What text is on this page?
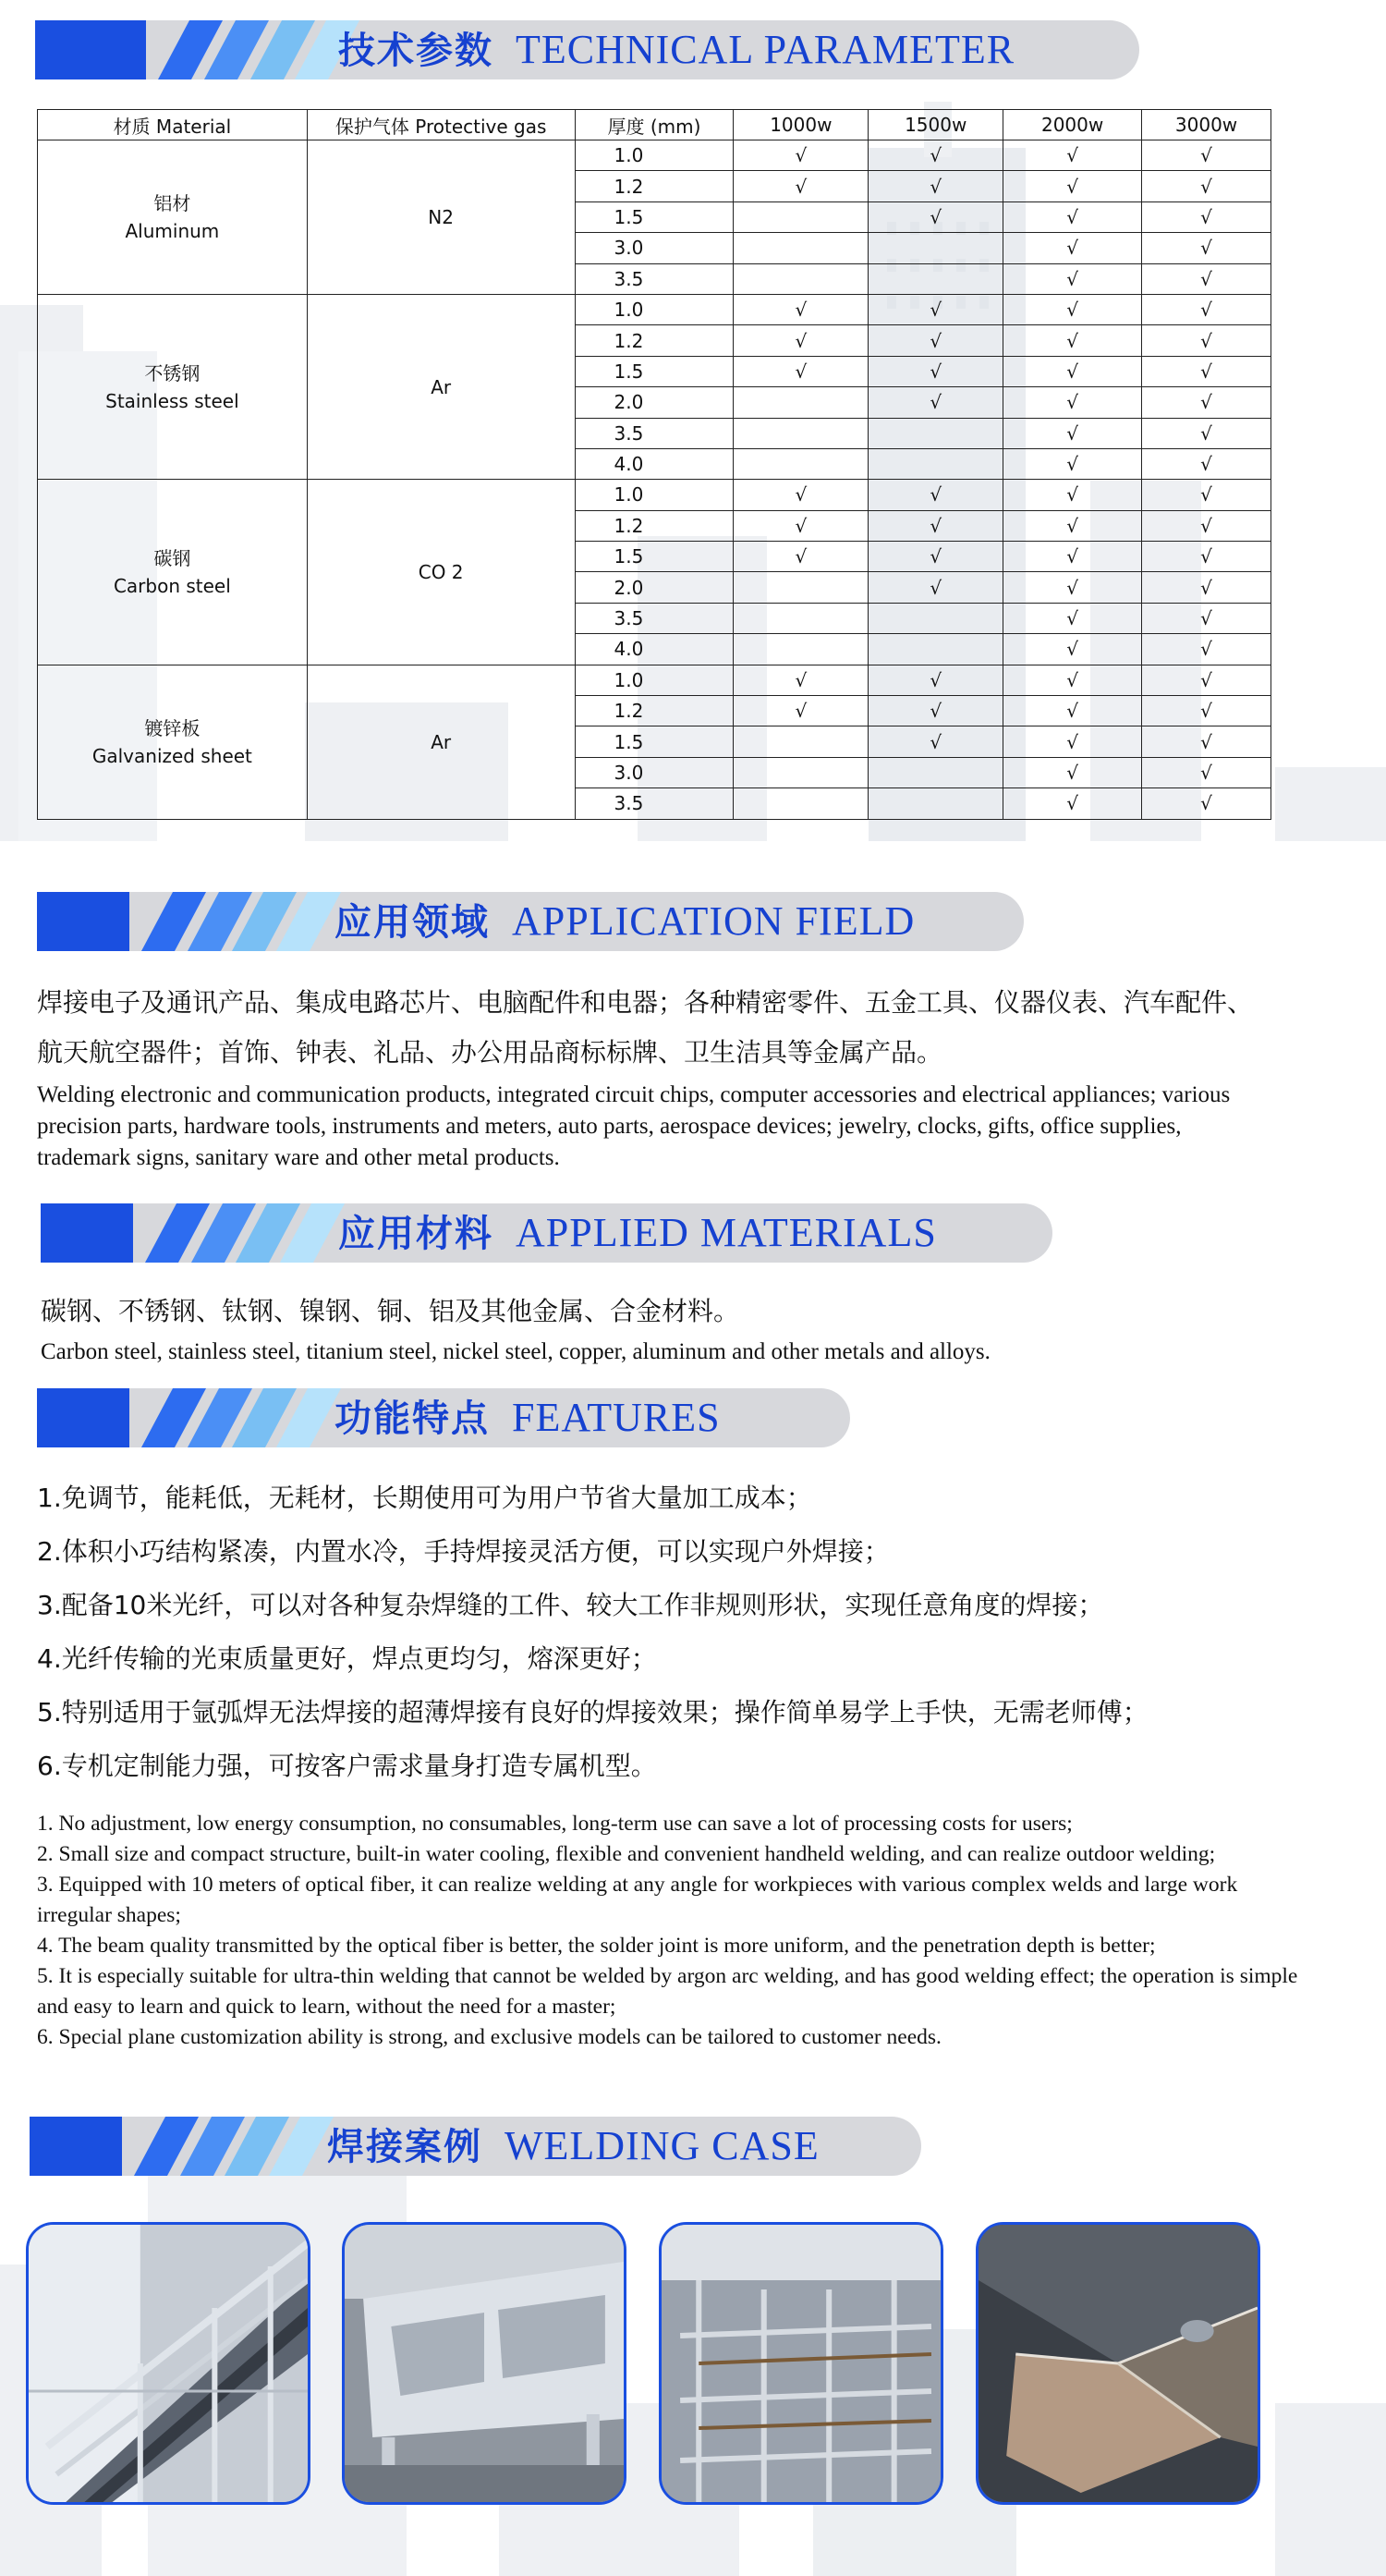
技术参数 TECHNICAL PARAMETER
材质 Material	保护气体 Protective gas	厚度 (mm)	1000w	1500w	2000w	3000w

铝材
Aluminum	N2	1.0	√	√	√	√
		1.2	√	√	√	√
		1.5		√	√	√
		3.0			√	√
		3.5			√	√

不锈钢
Stainless steel	Ar	1.0	√	√	√	√
		1.2	√	√	√	√
		1.5	√	√	√	√
		2.0		√	√	√
		3.5			√	√
		4.0			√	√

碳钢
Carbon steel	CO 2	1.0	√	√	√	√
		1.2	√	√	√	√
		1.5	√	√	√	√
		2.0		√	√	√
		3.5			√	√
		4.0			√	√

镀锌板
Galvanized sheet	Ar	1.0	√	√	√	√
		1.2	√	√	√	√
		1.5		√	√	√
		3.0			√	√
		3.5			√	√
应用领域 APPLICATION FIELD
焊接电子及通讯产品、集成电路芯片、电脑配件和电器；各种精密零件、五金工具、仪器仪表、汽车配件、航天航空器件；首饰、钟表、礼品、办公用品商标标牌、卫生洁具等金属产品。
Welding electronic and communication products, integrated circuit chips, computer accessories and electrical appliances; various precision parts, hardware tools, instruments and meters, auto parts, aerospace devices; jewelry, clocks, gifts, office supplies, trademark signs, sanitary ware and other metal products.
应用材料 APPLIED MATERIALS
碳钢、不锈钢、钛钢、镍钢、铜、铝及其他金属、合金材料。
Carbon steel, stainless steel, titanium steel, nickel steel, copper, aluminum and other metals and alloys.
功能特点 FEATURES
1.免调节，能耗低，无耗材，长期使用可为用户节省大量加工成本；
2.体积小巧结构紧凑，内置水冷，手持焊接灵活方便，可以实现户外焊接；
3.配备10米光纤，可以对各种复杂焊缝的工件、较大工作非规则形状，实现任意角度的焊接；
4.光纤传输的光束质量更好，焊点更均匀，熔深更好；
5.特别适用于氩弧焊无法焊接的超薄焊接有良好的焊接效果；操作简单易学上手快，无需老师傅；
6.专机定制能力强，可按客户需求量身打造专属机型。
1. No adjustment, low energy consumption, no consumables, long-term use can save a lot of processing costs for users;
2. Small size and compact structure, built-in water cooling, flexible and convenient handheld welding, and can realize outdoor welding;
3. Equipped with 10 meters of optical fiber, it can realize welding at any angle for workpieces with various complex welds and large work irregular shapes;
4. The beam quality transmitted by the optical fiber is better, the solder joint is more uniform, and the penetration depth is better;
5. It is especially suitable for ultra-thin welding that cannot be welded by argon arc welding, and has good welding effect; the operation is simple and easy to learn and quick to learn, without the need for a master;
6. Special plane customization ability is strong, and exclusive models can be tailored to customer needs.
焊接案例 WELDING CASE
